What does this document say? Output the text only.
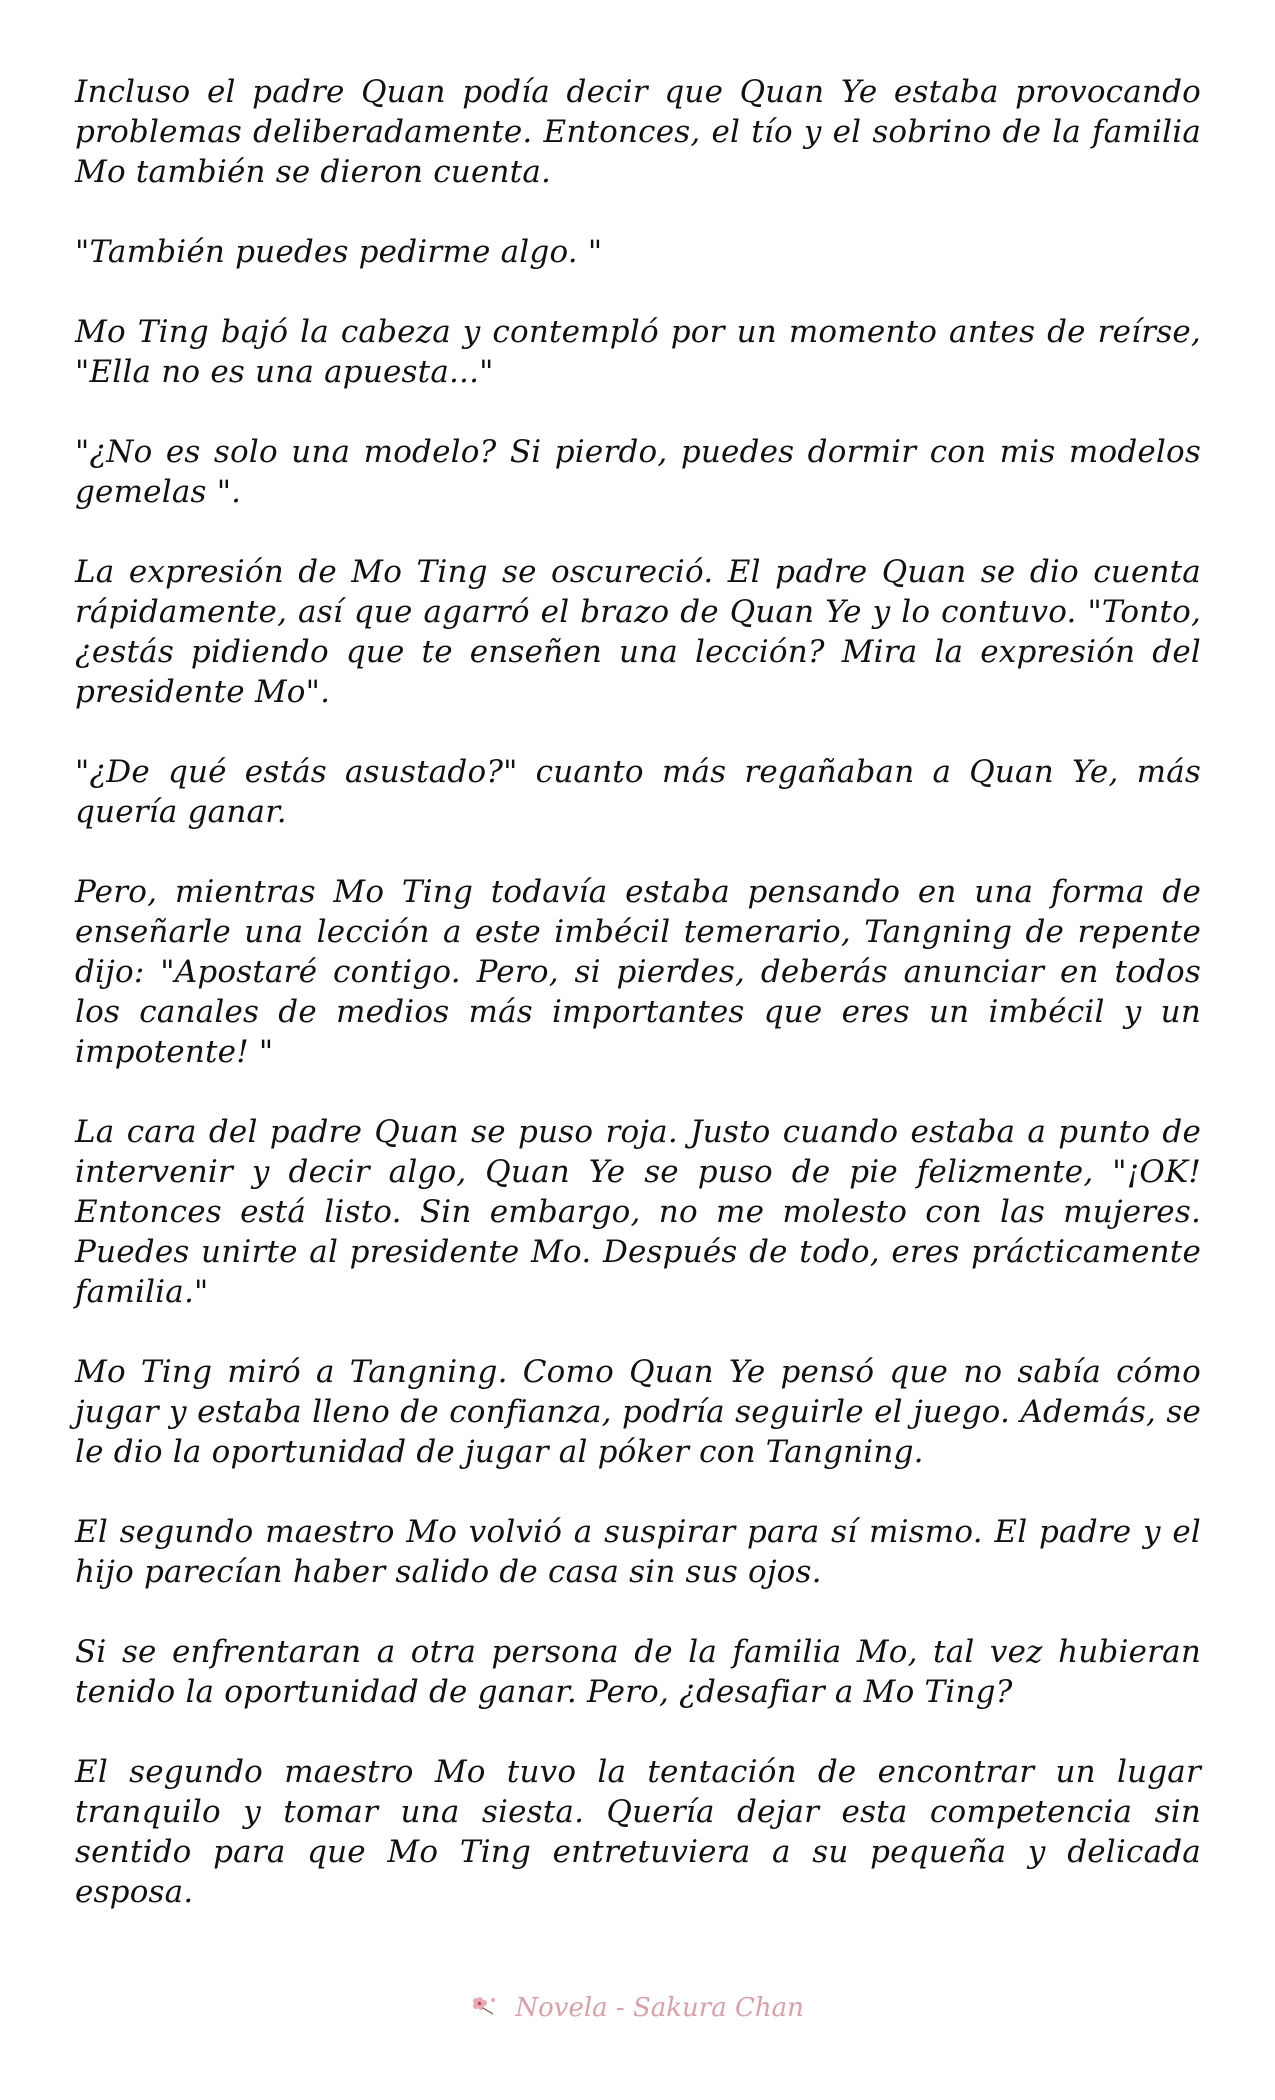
Incluso el padre Quan podía decir que Quan Ye estaba provocando problemas deliberadamente. Entonces, el tío y el sobrino de la familia Mo también se dieron cuenta.

"También puedes pedirme algo. "

Mo Ting bajó la cabeza y contempló por un momento antes de reírse, "Ella no es una apuesta..."

"¿No es solo una modelo? Si pierdo, puedes dormir con mis modelos gemelas ".

La expresión de Mo Ting se oscureció. El padre Quan se dio cuenta rápidamente, así que agarró el brazo de Quan Ye y lo contuvo. "Tonto, ¿estás pidiendo que te enseñen una lección? Mira la expresión del presidente Mo".

"¿De qué estás asustado?" cuanto más regañaban a Quan Ye, más quería ganar.

Pero, mientras Mo Ting todavía estaba pensando en una forma de enseñarle una lección a este imbécil temerario, Tangning de repente dijo: "Apostaré contigo. Pero, si pierdes, deberás anunciar en todos los canales de medios más importantes que eres un imbécil y un impotente! "

La cara del padre Quan se puso roja. Justo cuando estaba a punto de intervenir y decir algo, Quan Ye se puso de pie felizmente, "¡OK! Entonces está listo. Sin embargo, no me molesto con las mujeres. Puedes unirte al presidente Mo. Después de todo, eres prácticamente familia."

Mo Ting miró a Tangning. Como Quan Ye pensó que no sabía cómo jugar y estaba lleno de confianza, podría seguirle el juego. Además, se le dio la oportunidad de jugar al póker con Tangning.

El segundo maestro Mo volvió a suspirar para sí mismo. El padre y el hijo parecían haber salido de casa sin sus ojos.

Si se enfrentaran a otra persona de la familia Mo, tal vez hubieran tenido la oportunidad de ganar. Pero, ¿desafiar a Mo Ting?

El segundo maestro Mo tuvo la tentación de encontrar un lugar tranquilo y tomar una siesta. Quería dejar esta competencia sin sentido para que Mo Ting entretuviera a su pequeña y delicada esposa.

Novela - Sakura Chan
